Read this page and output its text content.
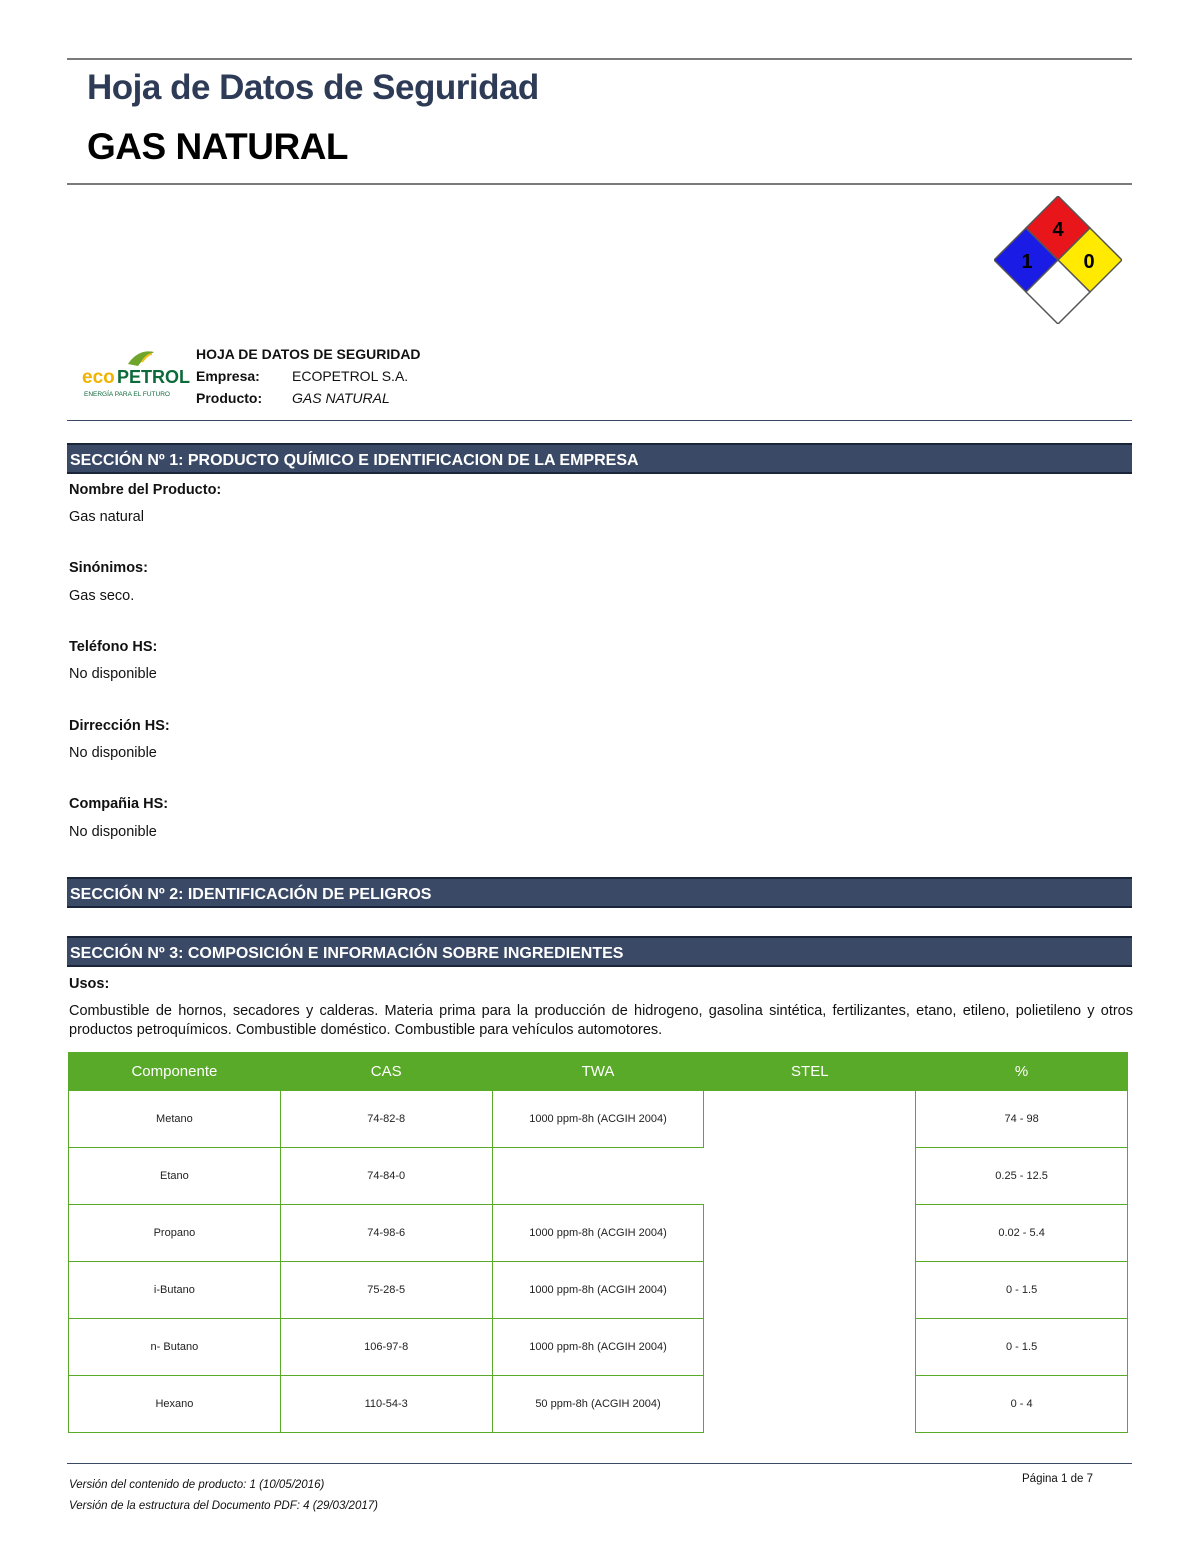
Hoja de Datos de Seguridad
GAS NATURAL
4
1	0
eco PETROL
ENERGÍA PARA EL FUTURO
HOJA DE DATOS DE SEGURIDAD
Empresa:	ECOPETROL S.A.
Producto:	GAS NATURAL
SECCIÓN Nº 1: PRODUCTO QUÍMICO E IDENTIFICACION DE LA EMPRESA
Nombre del Producto:
Gas natural
Sinónimos:
Gas seco.
Teléfono HS:
No disponible
Dirrección HS:
No disponible
Compañia HS:
No disponible
SECCIÓN Nº 2: IDENTIFICACIÓN DE PELIGROS
SECCIÓN Nº 3: COMPOSICIÓN E INFORMACIÓN SOBRE INGREDIENTES
Usos:
Combustible de hornos, secadores y calderas. Materia prima para la producción de hidrogeno, gasolina sintética, fertilizantes, etano, etileno, polietileno y otros productos petroquímicos. Combustible doméstico. Combustible para vehículos automotores.
Componente	CAS	TWA	STEL	%
Metano	74-82-8	1000 ppm-8h (ACGIH 2004)		74 - 98
Etano	74-84-0			0.25 - 12.5
Propano	74-98-6	1000 ppm-8h (ACGIH 2004)		0.02 - 5.4
i-Butano	75-28-5	1000 ppm-8h (ACGIH 2004)		0 - 1.5
n- Butano	106-97-8	1000 ppm-8h (ACGIH 2004)		0 - 1.5
Hexano	110-54-3	50 ppm-8h (ACGIH 2004)		0 - 4
Versión del contenido de producto: 1 (10/05/2016)
Versión de la estructura del Documento PDF: 4 (29/03/2017)
Página 1 de 7
